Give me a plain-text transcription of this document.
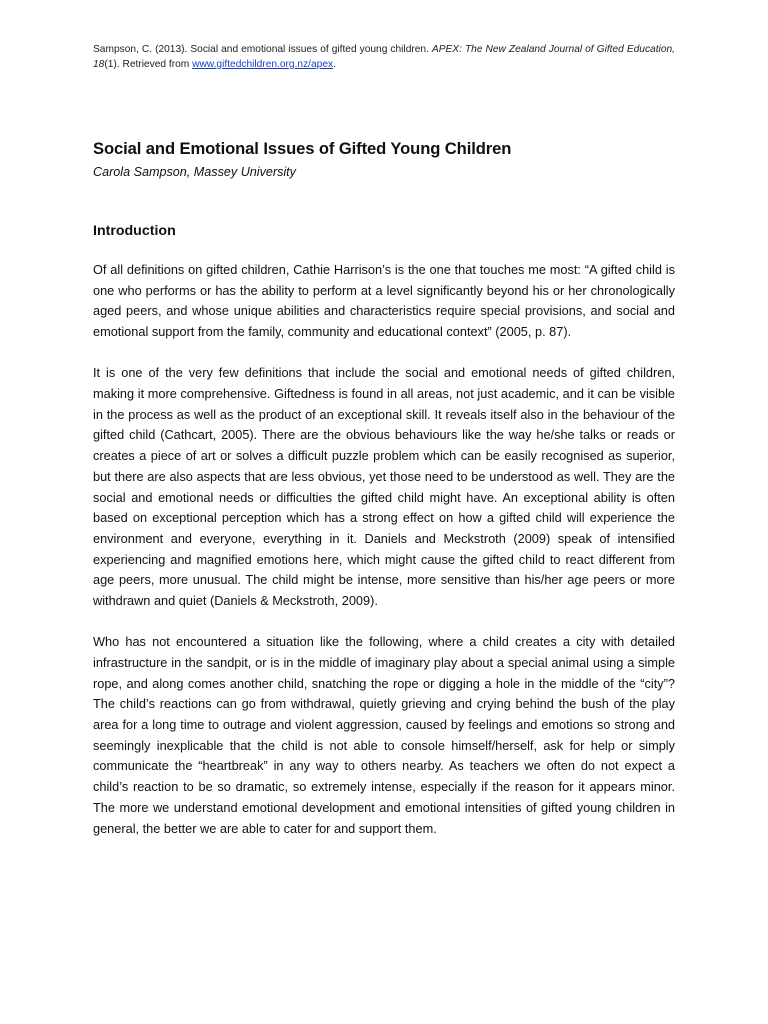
Sampson, C. (2013). Social and emotional issues of gifted young children. APEX: The New Zealand Journal of Gifted Education, 18(1). Retrieved from www.giftedchildren.org.nz/apex.

Social and Emotional Issues of Gifted Young Children

Carola Sampson, Massey University

Introduction

Of all definitions on gifted children, Cathie Harrison’s is the one that touches me most: “A gifted child is one who performs or has the ability to perform at a level significantly beyond his or her chronologically aged peers, and whose unique abilities and characteristics require special provisions, and social and emotional support from the family, community and educational context” (2005, p. 87).

It is one of the very few definitions that include the social and emotional needs of gifted children, making it more comprehensive. Giftedness is found in all areas, not just academic, and it can be visible in the process as well as the product of an exceptional skill. It reveals itself also in the behaviour of the gifted child (Cathcart, 2005). There are the obvious behaviours like the way he/she talks or reads or creates a piece of art or solves a difficult puzzle problem which can be easily recognised as superior, but there are also aspects that are less obvious, yet those need to be understood as well. They are the social and emotional needs or difficulties the gifted child might have. An exceptional ability is often based on exceptional perception which has a strong effect on how a gifted child will experience the environment and everyone, everything in it. Daniels and Meckstroth (2009) speak of intensified experiencing and magnified emotions here, which might cause the gifted child to react different from age peers, more unusual. The child might be intense, more sensitive than his/her age peers or more withdrawn and quiet (Daniels & Meckstroth, 2009).

Who has not encountered a situation like the following, where a child creates a city with detailed infrastructure in the sandpit, or is in the middle of imaginary play about a special animal using a simple rope, and along comes another child, snatching the rope or digging a hole in the middle of the “city”? The child’s reactions can go from withdrawal, quietly grieving and crying behind the bush of the play area for a long time to outrage and violent aggression, caused by feelings and emotions so strong and seemingly inexplicable that the child is not able to console himself/herself, ask for help or simply communicate the “heartbreak” in any way to others nearby. As teachers we often do not expect a child’s reaction to be so dramatic, so extremely intense, especially if the reason for it appears minor. The more we understand emotional development and emotional intensities of gifted young children in general, the better we are able to cater for and support them.
